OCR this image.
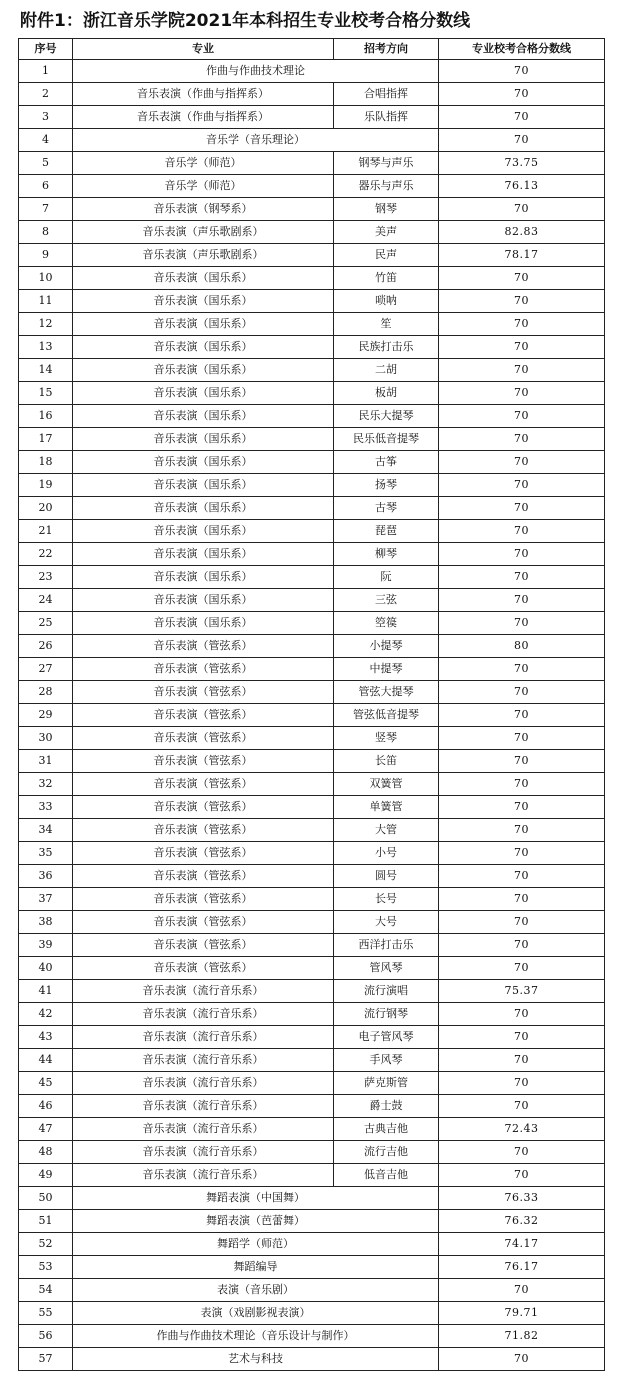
附件1：浙江音乐学院2021年本科招生专业校考合格分数线
序号	专业	招考方向	专业校考合格分数线
1	作曲与作曲技术理论		70
2	音乐表演（作曲与指挥系）	合唱指挥	70
3	音乐表演（作曲与指挥系）	乐队指挥	70
4	音乐学（音乐理论）		70
5	音乐学（师范）	钢琴与声乐	73.75
6	音乐学（师范）	器乐与声乐	76.13
7	音乐表演（钢琴系）	钢琴	70
8	音乐表演（声乐歌剧系）	美声	82.83
9	音乐表演（声乐歌剧系）	民声	78.17
10	音乐表演（国乐系）	竹笛	70
11	音乐表演（国乐系）	唢呐	70
12	音乐表演（国乐系）	笙	70
13	音乐表演（国乐系）	民族打击乐	70
14	音乐表演（国乐系）	二胡	70
15	音乐表演（国乐系）	板胡	70
16	音乐表演（国乐系）	民乐大提琴	70
17	音乐表演（国乐系）	民乐低音提琴	70
18	音乐表演（国乐系）	古筝	70
19	音乐表演（国乐系）	扬琴	70
20	音乐表演（国乐系）	古琴	70
21	音乐表演（国乐系）	琵琶	70
22	音乐表演（国乐系）	柳琴	70
23	音乐表演（国乐系）	阮	70
24	音乐表演（国乐系）	三弦	70
25	音乐表演（国乐系）	箜篌	70
26	音乐表演（管弦系）	小提琴	80
27	音乐表演（管弦系）	中提琴	70
28	音乐表演（管弦系）	管弦大提琴	70
29	音乐表演（管弦系）	管弦低音提琴	70
30	音乐表演（管弦系）	竖琴	70
31	音乐表演（管弦系）	长笛	70
32	音乐表演（管弦系）	双簧管	70
33	音乐表演（管弦系）	单簧管	70
34	音乐表演（管弦系）	大管	70
35	音乐表演（管弦系）	小号	70
36	音乐表演（管弦系）	圆号	70
37	音乐表演（管弦系）	长号	70
38	音乐表演（管弦系）	大号	70
39	音乐表演（管弦系）	西洋打击乐	70
40	音乐表演（管弦系）	管风琴	70
41	音乐表演（流行音乐系）	流行演唱	75.37
42	音乐表演（流行音乐系）	流行钢琴	70
43	音乐表演（流行音乐系）	电子管风琴	70
44	音乐表演（流行音乐系）	手风琴	70
45	音乐表演（流行音乐系）	萨克斯管	70
46	音乐表演（流行音乐系）	爵士鼓	70
47	音乐表演（流行音乐系）	古典吉他	72.43
48	音乐表演（流行音乐系）	流行吉他	70
49	音乐表演（流行音乐系）	低音吉他	70
50	舞蹈表演（中国舞）		76.33
51	舞蹈表演（芭蕾舞）		76.32
52	舞蹈学（师范）		74.17
53	舞蹈编导		76.17
54	表演（音乐剧）		70
55	表演（戏剧影视表演）		79.71
56	作曲与作曲技术理论（音乐设计与制作）		71.82
57	艺术与科技		70
